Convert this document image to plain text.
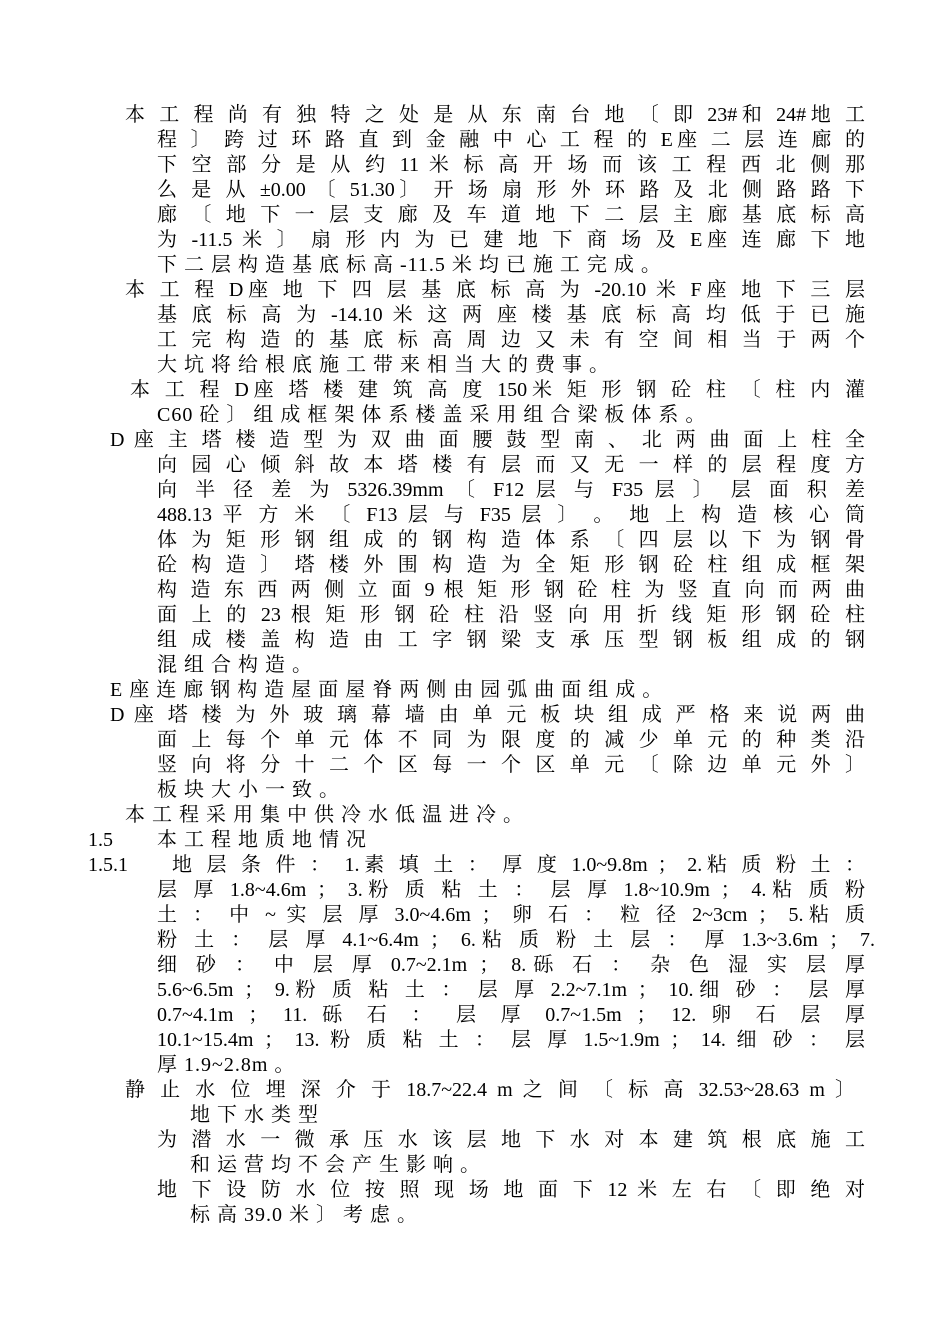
本 工 程 尚 有 独 特 之 处 是 从 东 南 台 地 〔 即 23#和 24#地 工
程 〕 跨 过 环 路 直 到 金 融 中 心 工 程 的 E座 二 层 连 廊 的
下 空 部 分 是 从 约 11 米 标 高 开 场 而 该 工 程 西 北 侧 那
么 是 从 ±0.00 〔 51.30〕 开 场 扇 形 外 环 路 及 北 侧 路 路 下
廊 〔 地 下 一 层 支 廊 及 车 道 地 下 二 层 主 廊 基 底 标 高
为 -11.5 米 〕 扇 形 内 为 已 建 地 下 商 场 及 E座 连 廊 下 地
下 二 层 构 造 基 底 标 高 -11.5 米 均 已 施 工 完 成 。
本 工 程 D座 地 下 四 层 基 底 标 高 为 -20.10 米 F座 地 下 三 层
基 底 标 高 为 -14.10 米 这 两 座 楼 基 底 标 高 均 低 于 已 施
工 完 构 造 的 基 底 标 高 周 边 又 未 有 空 间 相 当 于 两 个
大 坑 将 给 根 底 施 工 带 来 相 当 大 的 费 事 。
本 工 程 D座 塔 楼 建 筑 高 度 150米 矩 形 钢 砼 柱 〔 柱 内 灌
C60 砼 〕 组 成 框 架 体 系 楼 盖 采 用 组 合 梁 板 体 系 。
D 座 主 塔 楼 造 型 为 双 曲 面 腰 鼓 型 南 、 北 两 曲 面 上 柱 全
向 园 心 倾 斜 故 本 塔 楼 有 层 而 又 无 一 样 的 层 程 度 方
向 半 径 差 为 5326.39mm 〔 F12 层 与 F35 层 〕 层 面 积 差
488.13 平 方 米 〔 F13 层 与 F35 层 〕 。 地 上 构 造 核 心 筒
体 为 矩 形 钢 组 成 的 钢 构 造 体 系 〔 四 层 以 下 为 钢 骨
砼 构 造 〕 塔 楼 外 围 构 造 为 全 矩 形 钢 砼 柱 组 成 框 架
构 造 东 西 两 侧 立 面 9 根 矩 形 钢 砼 柱 为 竖 直 向 而 两 曲
面 上 的 23 根 矩 形 钢 砼 柱 沿 竖 向 用 折 线 矩 形 钢 砼 柱
组 成 楼 盖 构 造 由 工 字 钢 梁 支 承 压 型 钢 板 组 成 的 钢
混 组 合 构 造 。
E 座 连 廊 钢 构 造 屋 面 屋 脊 两 侧 由 园 弧 曲 面 组 成 。
D 座 塔 楼 为 外 玻 璃 幕 墙 由 单 元 板 块 组 成 严 格 来 说 两 曲
面 上 每 个 单 元 体 不 同 为 限 度 的 减 少 单 元 的 种 类 沿
竖 向 将 分 十 二 个 区 每 一 个 区 单 元 〔 除 边 单 元 外 〕
板 块 大 小 一 致 。
本 工 程 采 用 集 中 供 冷 水 低 温 进 冷 。
1.5 本 工 程 地 质 地 情 况
1.5.1 地 层 条 件 ： 1.素 填 土 ： 厚 度 1.0~9.8m ； 2.粘 质 粉 土 ：
层 厚 1.8~4.6m ； 3.粉 质 粘 土 ： 层 厚 1.8~10.9m ； 4.粘 质 粉
土 ： 中 ~ 实 层 厚 3.0~4.6m ； 卵 石 ： 粒 径 2~3cm ； 5.粘 质
粉 土 ： 层 厚 4.1~6.4m ； 6.粘 质 粉 土 层 ： 厚 1.3~3.6m ； 7.
细 砂 ： 中 层 厚 0.7~2.1m ； 8.砾 石 ： 杂 色 湿 实 层 厚
5.6~6.5m ； 9.粉 质 粘 土 ： 层 厚 2.2~7.1m ； 10.细 砂 ： 层 厚
0.7~4.1m ； 11. 砾 石 ： 层 厚 0.7~1.5m ； 12. 卵 石 层 厚
10.1~15.4m ； 13. 粉 质 粘 土 ： 层 厚 1.5~1.9m ； 14. 细 砂 ： 层
厚 1.9~2.8m 。
静 止 水 位 埋 深 介 于 18.7~22.4 m 之 间 〔 标 高 32.53~28.63 m 〕
地 下 水 类 型
为 潜 水 一 微 承 压 水 该 层 地 下 水 对 本 建 筑 根 底 施 工
和 运 营 均 不 会 产 生 影 响 。
地 下 设 防 水 位 按 照 现 场 地 面 下 12 米 左 右 〔 即 绝 对
标 高 39.0 米 〕 考 虑 。
